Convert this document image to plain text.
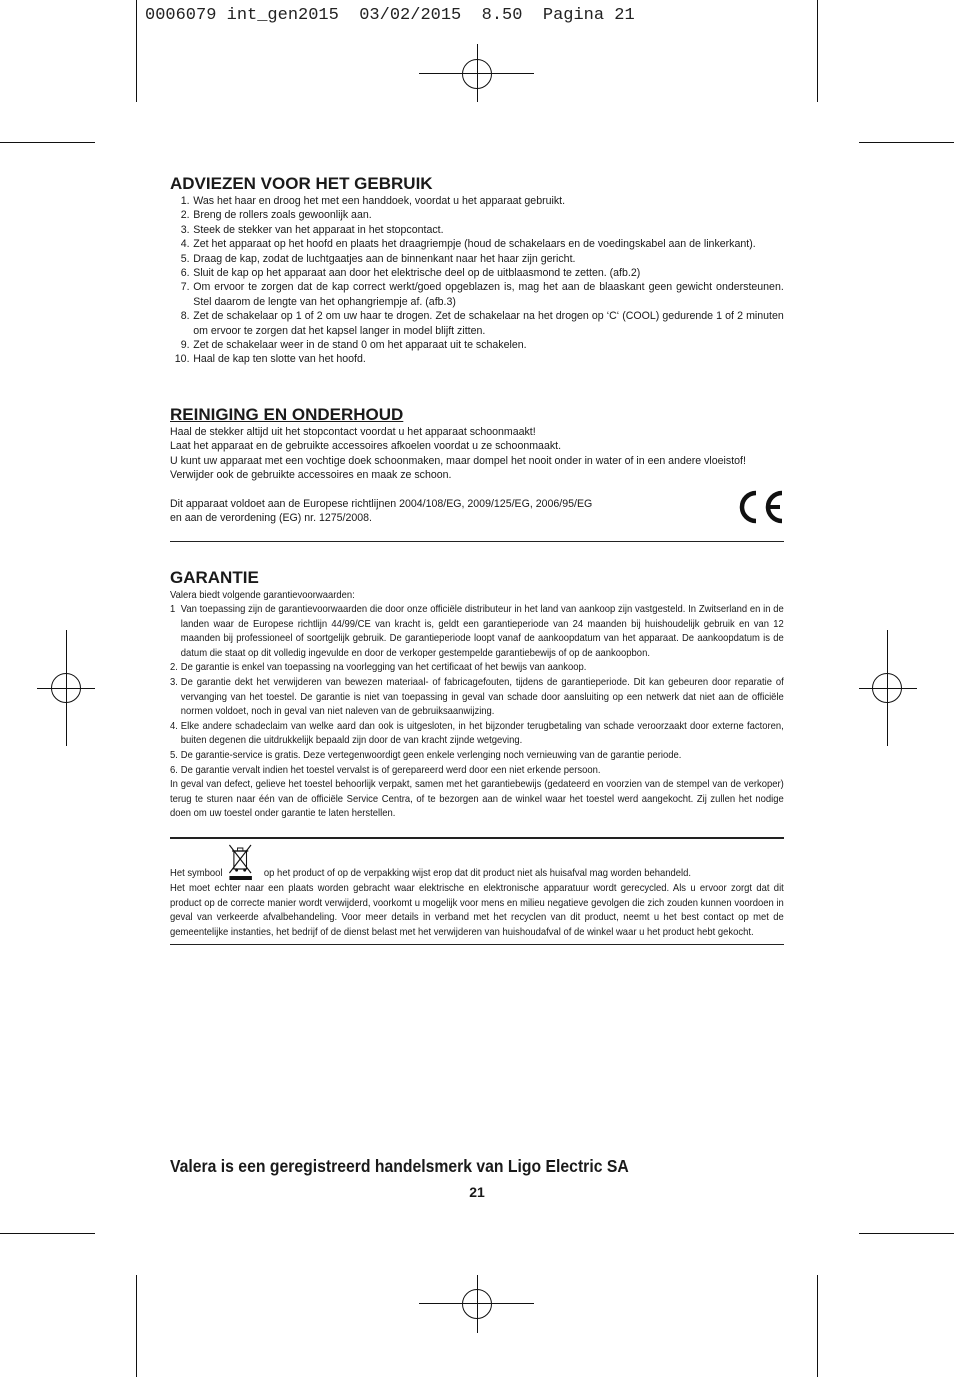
0006079 int_gen2015  03/02/2015  8.50  Pagina 21
ADVIEZEN VOOR HET GEBRUIK
1. Was het haar en droog het met een handdoek, voordat u het apparaat gebruikt.
2. Breng de rollers zoals gewoonlijk aan.
3. Steek de stekker van het apparaat in het stopcontact.
4. Zet het apparaat op het hoofd en plaats het draagriempje (houd de schakelaars en de voedingskabel aan de linkerkant).
5. Draag de kap, zodat de luchtgaatjes aan de binnenkant naar het haar zijn gericht.
6. Sluit de kap op het apparaat aan door het elektrische deel op de uitblaasmond te zetten. (afb.2)
7. Om ervoor te zorgen dat de kap correct werkt/goed opgeblazen is, mag het aan de blaaskant geen gewicht ondersteunen. Stel daarom de lengte van het ophangriempje af. (afb.3)
8. Zet de schakelaar op 1 of 2 om uw haar te drogen. Zet de schakelaar na het drogen op ‘C‘ (COOL) gedurende 1 of 2 minuten om ervoor te zorgen dat het kapsel langer in model blijft zitten.
9. Zet de schakelaar weer in de stand 0 om het apparaat uit te schakelen.
10. Haal de kap ten slotte van het hoofd.
REINIGING EN ONDERHOUD

Haal de stekker altijd uit het stopcontact voordat u het apparaat schoonmaakt!

Laat het apparaat en de gebruikte accessoires afkoelen voordat u ze schoonmaakt.

U kunt uw apparaat met een vochtige doek schoonmaken, maar dompel het nooit onder in water of in een andere vloeistof!

Verwijder ook de gebruikte accessoires en maak ze schoon.

Dit apparaat voldoet aan de Europese richtlijnen 2004/108/EG, 2009/125/EG, 2006/95/EG

en aan de verordening (EG) nr. 1275/2008.

GARANTIE

Valera biedt volgende garantievoorwaarden:

1 Van toepassing zijn de garantievoorwaarden die door onze officiële distributeur in het land van aankoop zijn vastgesteld. In Zwitserland en in de landen waar de Europese richtlijn 44/99/CE van kracht is, geldt een garantieperiode van 24 maanden bij huishoudelijk gebruik en van 12 maanden bij professioneel of soortgelijk gebruik. De garantieperiode loopt vanaf de aankoopdatum van het apparaat. De aankoopdatum is de datum die staat op dit volledig ingevulde en door de verkoper gestempelde garantiebewijs of op de aankoopbon.
2. De garantie is enkel van toepassing na voorlegging van het certificaat of het bewijs van aankoop.
3. De garantie dekt het verwijderen van bewezen materiaal- of fabricagefouten, tijdens de garantieperiode. Dit kan gebeuren door reparatie of vervanging van het toestel. De garantie is niet van toepassing in geval van schade door aansluiting op een netwerk dat niet aan de officiële normen voldoet, noch in geval van niet naleven van de gebruiksaanwijzing.
4. Elke andere schadeclaim van welke aard dan ook is uitgesloten, in het bijzonder terugbetaling van schade veroorzaakt door externe factoren, buiten degenen die uitdrukkelijk bepaald zijn door de van kracht zijnde wetgeving.
5. De garantie-service is gratis. Deze vertegenwoordigt geen enkele verlenging noch vernieuwing van de garantie periode.
6. De garantie vervalt indien het toestel vervalst is of gerepareerd werd door een niet erkende persoon.

In geval van defect, gelieve het toestel behoorlijk verpakt, samen met het garantiebewijs (gedateerd en voorzien van de stempel van de verkoper) terug te sturen naar één van de officiële Service Centra, of te bezorgen aan de winkel waar het toestel werd aangekocht. Zij zullen het nodige doen om uw toestel onder garantie te laten herstellen.

Het symbool	op het product of op de verpakking wijst erop dat dit product niet als huisafval mag worden behandeld.

Het moet echter naar een plaats worden gebracht waar elektrische en elektronische apparatuur wordt gerecycled. Als u ervoor zorgt dat dit product op de correcte manier wordt verwijderd, voorkomt u mogelijk voor mens en milieu negatieve gevolgen die zich zouden kunnen voordoen in geval van verkeerde afvalbehandeling. Voor meer details in verband met het recyclen van dit product, neemt u het best contact op met de gemeentelijke instanties, het bedrijf of de dienst belast met het verwijderen van huishoudafval of de winkel waar u het product hebt gekocht.

Valera is een geregistreerd handelsmerk van Ligo Electric SA
21
